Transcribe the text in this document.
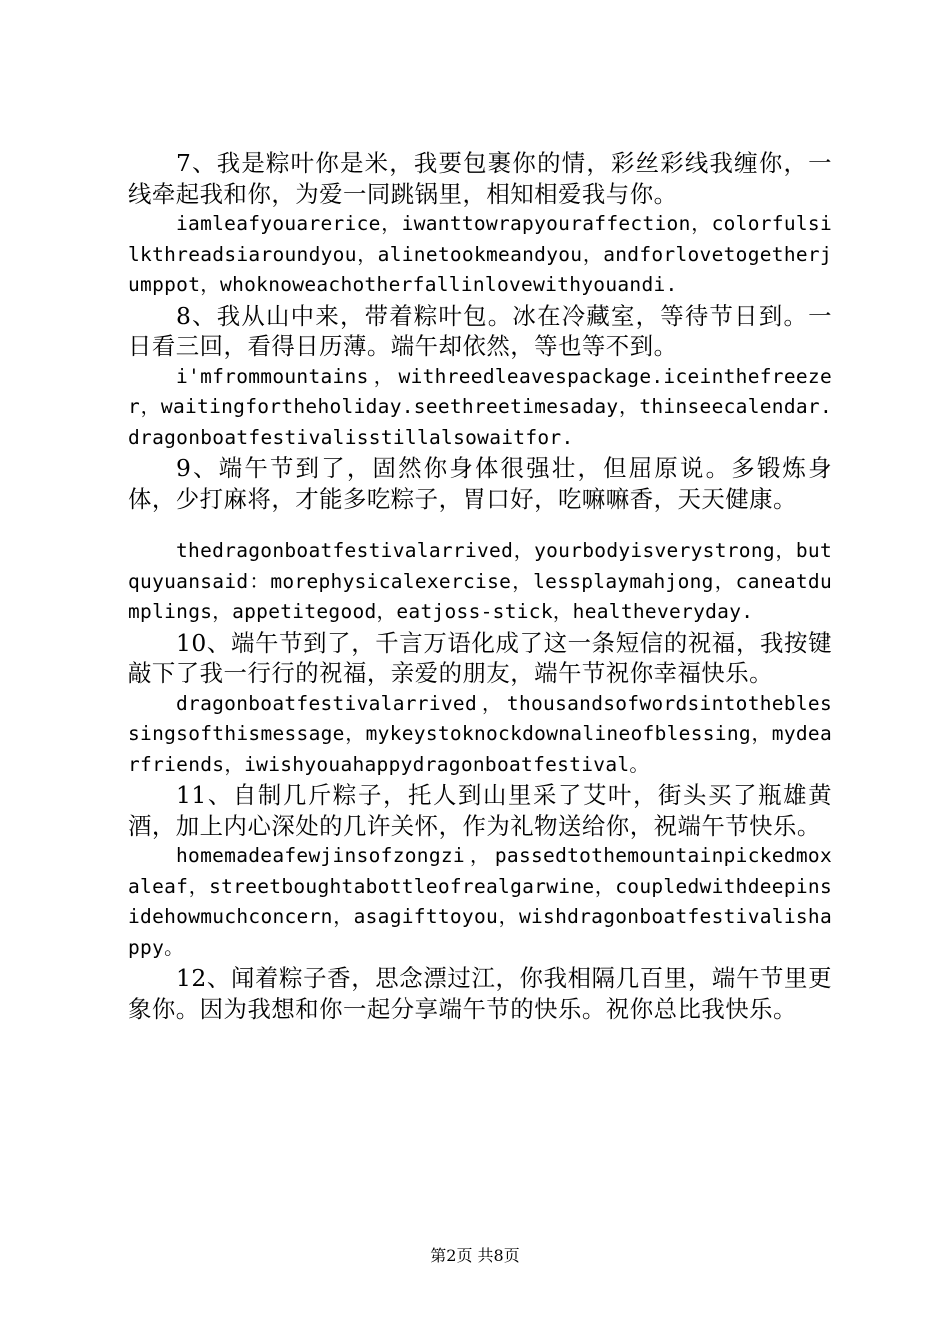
7、我是粽叶你是米，我要包裹你的情，彩丝彩线我缠你，一线牵起我和你，为爱一同跳锅里，相知相爱我与你。

iamleafyouarerice，iwanttowrapyouraffection，colorfulsilkthreadsiaroundyou，alinetookmeandyou，andforlovetogetherjumppot，whoknoweachotherfallinlovewithyouandi.

8、我从山中来，带着粽叶包。冰在冷藏室，等待节日到。一日看三回，看得日历薄。端午却依然，等也等不到。

i'mfrommountains，withreedleavespackage.iceinthefreezer，waitingfortheholiday.seethreetimesaday，thinseecalendar.dragonboatfestivalisstillalsowaitfor.

9、端午节到了，固然你身体很强壮，但屈原说。多锻炼身体，少打麻将，才能多吃粽子，胃口好，吃嘛嘛香，天天健康。

thedragonboatfestivalarrived，yourbodyisverystrong，butquyuansaid：morephysicalexercise，lessplaymahjong，caneatdumplings，appetitegood，eatjoss-stick，healtheveryday.

10、端午节到了，千言万语化成了这一条短信的祝福，我按键敲下了我一行行的祝福，亲爱的朋友，端午节祝你幸福快乐。

dragonboatfestivalarrived，thousandsofwordsintotheblessingsofthismessage，mykeystoknockdownalineofblessing，mydearfriends，iwishyouahappydragonboatfestival。

11、自制几斤粽子，托人到山里采了艾叶，街头买了瓶雄黄酒，加上内心深处的几许关怀，作为礼物送给你，祝端午节快乐。

homemadeafewjinsofzongzi，passedtothemountainpickedmoxaleaf，streetboughtabottleofrealgarwine，coupledwithdeepinsidehowmuchconcern，asagifttoyou，wishdragonboatfestivalishappy。

12、闻着粽子香，思念漂过江，你我相隔几百里，端午节里更象你。因为我想和你一起分享端午节的快乐。祝你总比我快乐。

第2页 共8页
